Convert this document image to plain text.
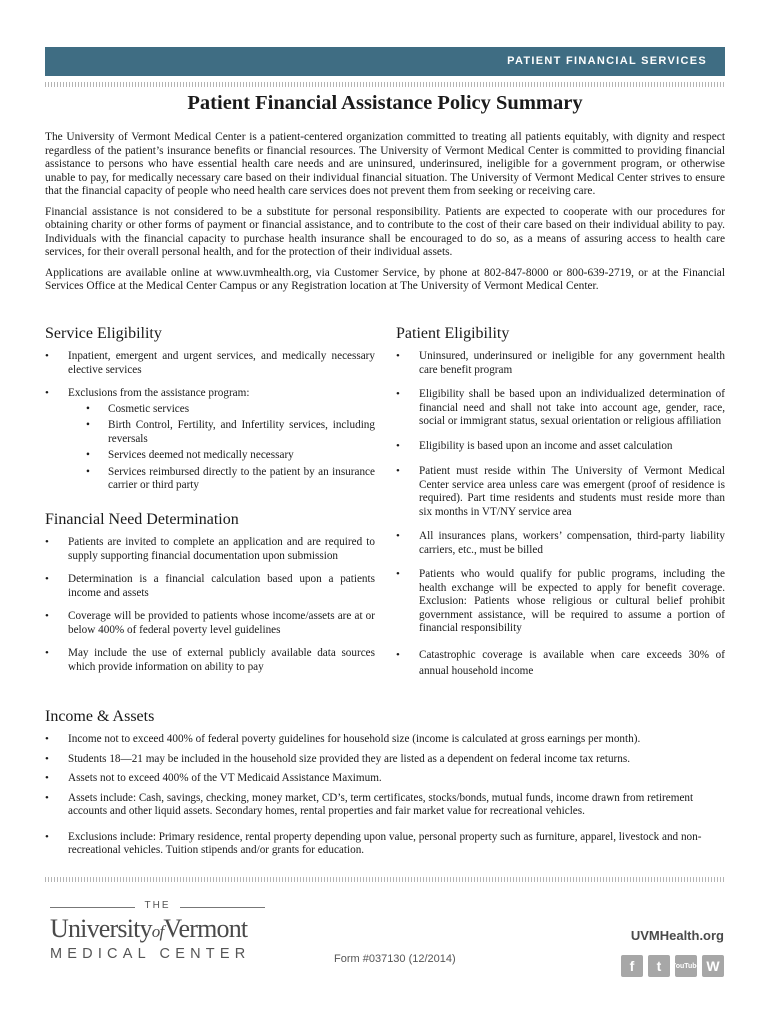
PATIENT FINANCIAL SERVICES
Patient Financial Assistance Policy Summary

The University of Vermont Medical Center is a patient-centered organization committed to treating all patients equitably, with dignity and respect regardless of the patient’s insurance benefits or financial resources. The University of Vermont Medical Center is committed to providing financial assistance to persons who have essential health care needs and are uninsured, underinsured, ineligible for a government program, or otherwise unable to pay, for medically necessary care based on their individual financial situation. The University of Vermont Medical Center strives to ensure that the financial capacity of people who need health care services does not prevent them from seeking or receiving care.

Financial assistance is not considered to be a substitute for personal responsibility. Patients are expected to cooperate with our procedures for obtaining charity or other forms of payment or financial assistance, and to contribute to the cost of their care based on their individual ability to pay. Individuals with the financial capacity to purchase health insurance shall be encouraged to do so, as a means of assuring access to health care services, for their overall personal health, and for the protection of their individual assets.

Applications are available online at www.uvmhealth.org, via Customer Service, by phone at 802-847-8000 or 800-639-2719, or at the Financial Services Office at the Medical Center Campus or any Registration location at The University of Vermont Medical Center.

Service Eligibility
• Inpatient, emergent and urgent services, and medically necessary elective services
• Exclusions from the assistance program:
• Cosmetic services
• Birth Control, Fertility, and Infertility services, including reversals
• Services deemed not medically necessary
• Services reimbursed directly to the patient by an insurance carrier or third party
Financial Need Determination
• Patients are invited to complete an application and are required to supply supporting financial documentation upon submission
• Determination is a financial calculation based upon a patients income and assets
• Coverage will be provided to patients whose income/assets are at or below 400% of federal poverty level guidelines
• May include the use of external publicly available data sources which provide information on ability to pay
Patient Eligibility
• Uninsured, underinsured or ineligible for any government health care benefit program
• Eligibility shall be based upon an individualized determination of financial need and shall not take into account age, gender, race, social or immigrant status, sexual orientation or religious affiliation
• Eligibility is based upon an income and asset calculation
• Patient must reside within The University of Vermont Medical Center service area unless care was emergent (proof of residence is required). Part time residents and students must reside more than six months in VT/NY service area
• All insurances plans, workers’ compensation, third-party liability carriers, etc., must be billed
• Patients who would qualify for public programs, including the health exchange will be expected to apply for benefit coverage. Exclusion: Patients whose religious or cultural belief prohibit government assistance, will be required to assume a portion of financial responsibility
• Catastrophic coverage is available when care exceeds 30% of annual household income
Income & Assets
• Income not to exceed 400% of federal poverty guidelines for household size (income is calculated at gross earnings per month).
• Students 18—21 may be included in the household size provided they are listed as a dependent on federal income tax returns.
• Assets not to exceed 400% of the VT Medicaid Assistance Maximum.
• Assets include: Cash, savings, checking, money market, CD’s, term certificates, stocks/bonds, mutual funds, income drawn from retirement accounts and other liquid assets. Secondary homes, rental properties and fair market value for recreational vehicles.
• Exclusions include: Primary residence, rental property depending upon value, personal property such as furniture, apparel, livestock and non-recreational vehicles. Tuition stipends and/or grants for education.
THE
UniversityofVermont
MEDICAL CENTER	Form #037130 (12/2014)
UVMHealth.org
f	t	You Tube W
